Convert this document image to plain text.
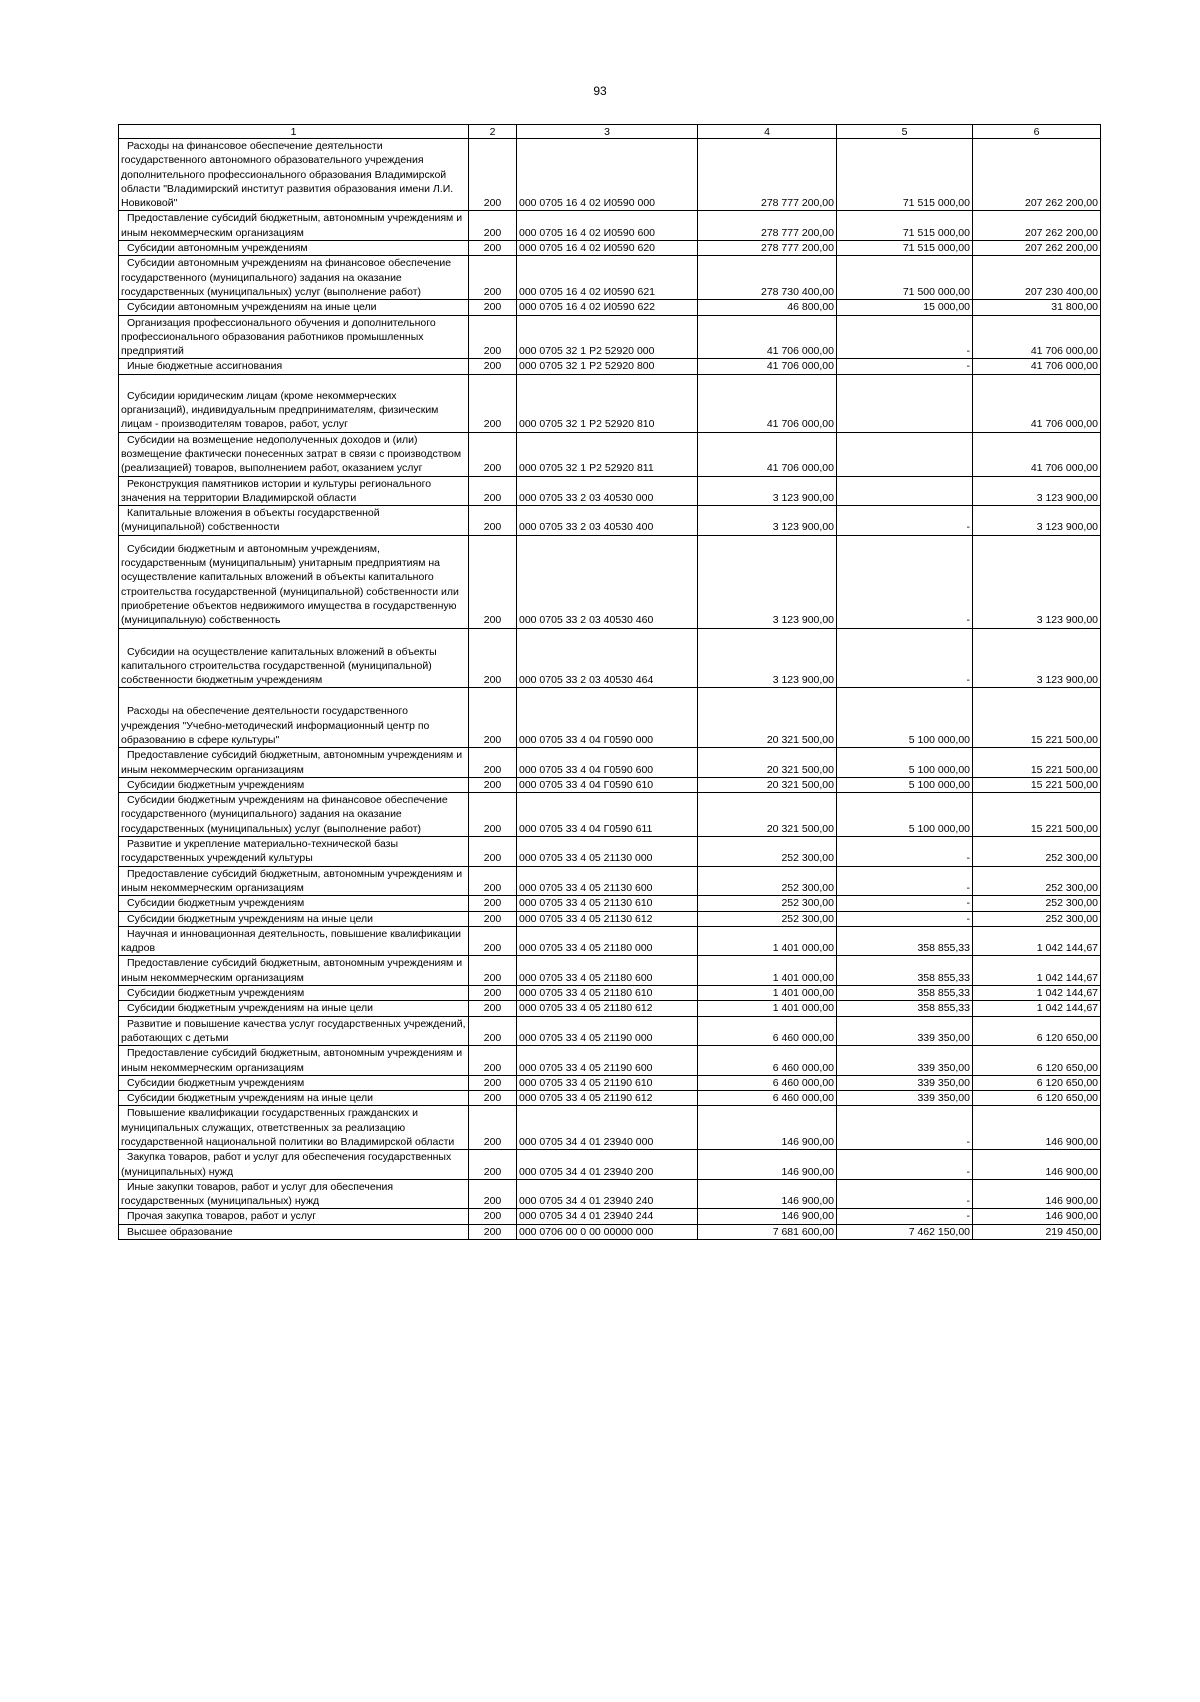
93
1	2	3	4	5	6

Расходы на финансовое обеспечение деятельности государственного автономного образовательного учреждения дополнительного профессионального образования Владимирской области "Владимирский институт развития образования имени Л.И. Новиковой"	200	000 0705 16 4 02 И0590 000	278 777 200,00	71 515 000,00	207 262 200,00

Предоставление субсидий бюджетным, автономным учреждениям и иным некоммерческим организациям	200	000 0705 16 4 02 И0590 600	278 777 200,00	71 515 000,00	207 262 200,00

Субсидии автономным учреждениям	200	000 0705 16 4 02 И0590 620	278 777 200,00	71 515 000,00	207 262 200,00

Субсидии автономным учреждениям на финансовое обеспечение государственного (муниципального) задания на оказание государственных (муниципальных) услуг (выполнение работ)	200	000 0705 16 4 02 И0590 621	278 730 400,00	71 500 000,00	207 230 400,00

Субсидии автономным учреждениям на иные цели	200	000 0705 16 4 02 И0590 622	46 800,00	15 000,00	31 800,00

Организация профессионального обучения и дополнительного профессионального образования работников промышленных предприятий	200	000 0705 32 1 P2 52920 000	41 706 000,00	-	41 706 000,00

Иные бюджетные ассигнования	200	000 0705 32 1 P2 52920 800	41 706 000,00	-	41 706 000,00

Субсидии юридическим лицам (кроме некоммерческих организаций), индивидуальным предпринимателям, физическим лицам - производителям товаров, работ, услуг	200	000 0705 32 1 P2 52920 810	41 706 000,00		41 706 000,00

Субсидии на возмещение недополученных доходов и (или) возмещение фактически понесенных затрат в связи с производством (реализацией) товаров, выполнением работ, оказанием услуг	200	000 0705 32 1 P2 52920 811	41 706 000,00		41 706 000,00

Реконструкция памятников истории и культуры регионального значения на территории Владимирской области	200	000 0705 33 2 03 40530 000	3 123 900,00		3 123 900,00

Капитальные вложения в объекты государственной (муниципальной) собственности	200	000 0705 33 2 03 40530 400	3 123 900,00	-	3 123 900,00

Субсидии бюджетным и автономным учреждениям, государственным (муниципальным) унитарным предприятиям на осуществление капитальных вложений в объекты капитального строительства государственной (муниципальной) собственности или приобретение объектов недвижимого имущества в государственную (муниципальную) собственность	200	000 0705 33 2 03 40530 460	3 123 900,00	-	3 123 900,00

Субсидии на осуществление капитальных вложений в объекты капитального строительства государственной (муниципальной) собственности бюджетным учреждениям	200	000 0705 33 2 03 40530 464	3 123 900,00	-	3 123 900,00

Расходы на обеспечение деятельности государственного учреждения "Учебно-методический информационный центр по образованию в сфере культуры"	200	000 0705 33 4 04 Г0590 000	20 321 500,00	5 100 000,00	15 221 500,00

Предоставление субсидий бюджетным, автономным учреждениям и иным некоммерческим организациям	200	000 0705 33 4 04 Г0590 600	20 321 500,00	5 100 000,00	15 221 500,00

Субсидии бюджетным учреждениям	200	000 0705 33 4 04 Г0590 610	20 321 500,00	5 100 000,00	15 221 500,00

Субсидии бюджетным учреждениям на финансовое обеспечение государственного (муниципального) задания на оказание государственных (муниципальных) услуг (выполнение работ)	200	000 0705 33 4 04 Г0590 611	20 321 500,00	5 100 000,00	15 221 500,00

Развитие и укрепление материально-технической базы государственных учреждений культуры	200	000 0705 33 4 05 21130 000	252 300,00	-	252 300,00

Предоставление субсидий бюджетным, автономным учреждениям и иным некоммерческим организациям	200	000 0705 33 4 05 21130 600	252 300,00	-	252 300,00

Субсидии бюджетным учреждениям	200	000 0705 33 4 05 21130 610	252 300,00	-	252 300,00

Субсидии бюджетным учреждениям на иные цели	200	000 0705 33 4 05 21130 612	252 300,00	-	252 300,00

Научная и инновационная деятельность, повышение квалификации кадров	200	000 0705 33 4 05 21180 000	1 401 000,00	358 855,33	1 042 144,67

Предоставление субсидий бюджетным, автономным учреждениям и иным некоммерческим организациям	200	000 0705 33 4 05 21180 600	1 401 000,00	358 855,33	1 042 144,67

Субсидии бюджетным учреждениям	200	000 0705 33 4 05 21180 610	1 401 000,00	358 855,33	1 042 144,67

Субсидии бюджетным учреждениям на иные цели	200	000 0705 33 4 05 21180 612	1 401 000,00	358 855,33	1 042 144,67

Развитие и повышение качества услуг государственных учреждений, работающих с детьми	200	000 0705 33 4 05 21190 000	6 460 000,00	339 350,00	6 120 650,00

Предоставление субсидий бюджетным, автономным учреждениям и иным некоммерческим организациям	200	000 0705 33 4 05 21190 600	6 460 000,00	339 350,00	6 120 650,00

Субсидии бюджетным учреждениям	200	000 0705 33 4 05 21190 610	6 460 000,00	339 350,00	6 120 650,00

Субсидии бюджетным учреждениям на иные цели	200	000 0705 33 4 05 21190 612	6 460 000,00	339 350,00	6 120 650,00

Повышение квалификации государственных гражданских и муниципальных служащих, ответственных за реализацию государственной национальной политики во Владимирской области	200	000 0705 34 4 01 23940 000	146 900,00	-	146 900,00

Закупка товаров, работ и услуг для обеспечения государственных (муниципальных) нужд	200	000 0705 34 4 01 23940 200	146 900,00	-	146 900,00

Иные закупки товаров, работ и услуг для обеспечения государственных (муниципальных) нужд	200	000 0705 34 4 01 23940 240	146 900,00	-	146 900,00

Прочая закупка товаров, работ и услуг	200	000 0705 34 4 01 23940 244	146 900,00	-	146 900,00

Высшее образование	200	000 0706 00 0 00 00000 000	7 681 600,00	7 462 150,00	219 450,00
